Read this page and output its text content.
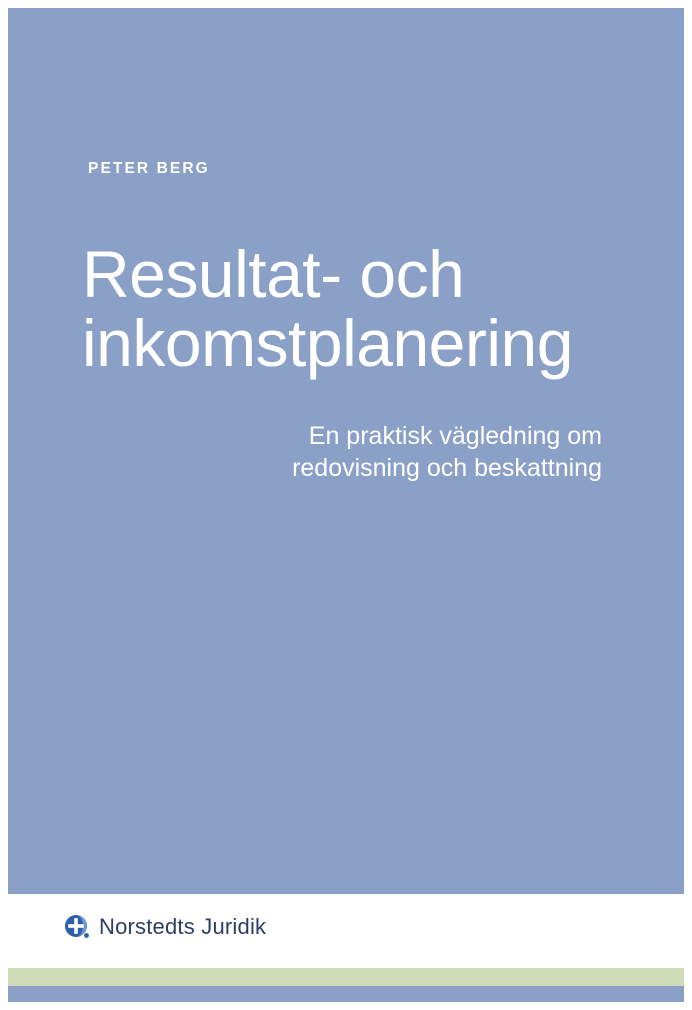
PETER BERG
Resultat- och
inkomstplanering
En praktisk vägledning om
redovisning och beskattning
Norstedts Juridik
